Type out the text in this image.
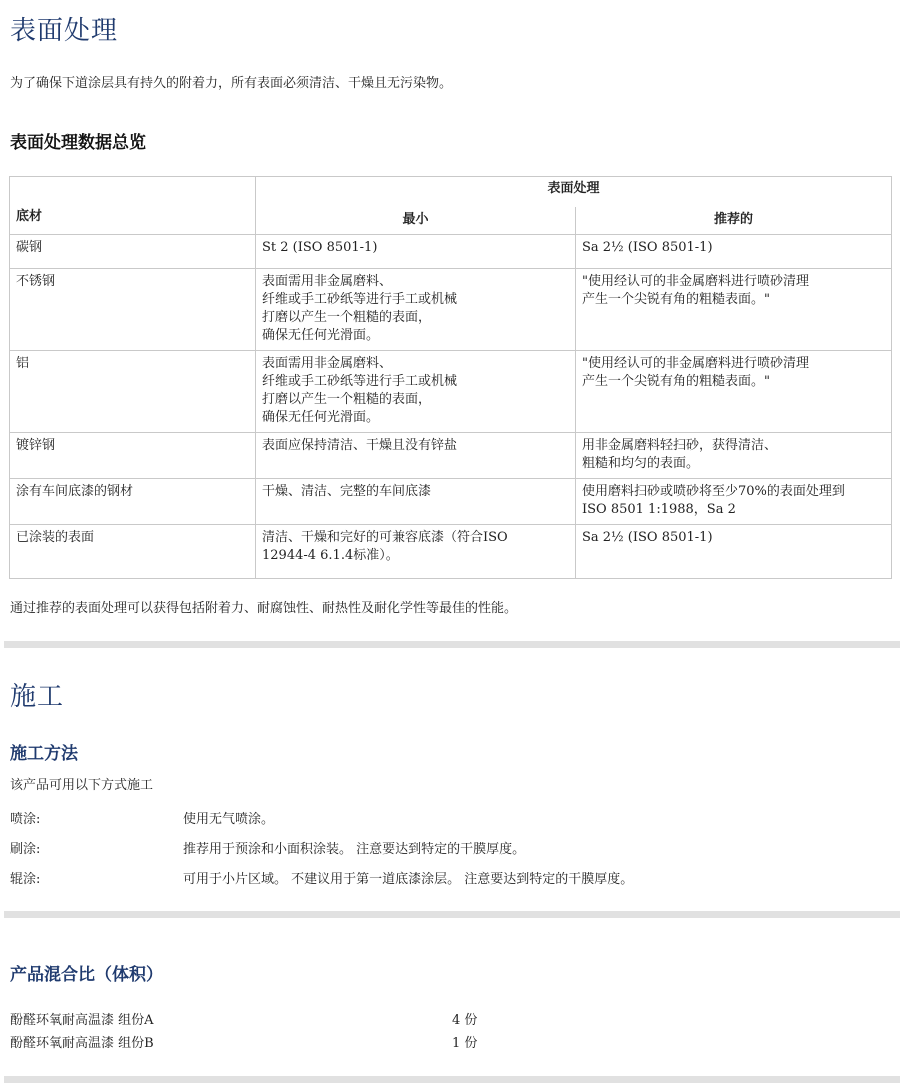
表面处理

为了确保下道涂层具有持久的附着力，所有表面必须清洁、干燥且无污染物。

表面处理数据总览
底材	表面处理	
	最小	推荐的
碳钢	St 2 (ISO 8501-1)	Sa 2½ (ISO 8501-1)

不锈钢	表面需用非金属磨料、
纤维或手工砂纸等进行手工或机械
打磨以产生一个粗糙的表面，
确保无任何光滑面。	"使用经认可的非金属磨料进行喷砂清理
产生一个尖锐有角的粗糙表面。"

铝	表面需用非金属磨料、
纤维或手工砂纸等进行手工或机械
打磨以产生一个粗糙的表面，
确保无任何光滑面。	"使用经认可的非金属磨料进行喷砂清理
产生一个尖锐有角的粗糙表面。"

镀锌钢	表面应保持清洁、干燥且没有锌盐	用非金属磨料轻扫砂，获得清洁、
粗糙和均匀的表面。

涂有车间底漆的钢材	干燥、清洁、完整的车间底漆	使用磨料扫砂或喷砂将至少70%的表面处理到
ISO 8501 1:1988，Sa 2

已涂装的表面	清洁、干燥和完好的可兼容底漆（符合ISO
12944-4 6.1.4标准）。	Sa 2½ (ISO 8501-1)

通过推荐的表面处理可以获得包括附着力、耐腐蚀性、耐热性及耐化学性等最佳的性能。

施工
施工方法

该产品可用以下方式施工

喷涂:	使用无气喷涂。
刷涂:	推荐用于预涂和小面积涂装。 注意要达到特定的干膜厚度。
辊涂:	可用于小片区域。 不建议用于第一道底漆涂层。 注意要达到特定的干膜厚度。
产品混合比（体积）
酚醛环氧耐高温漆 组份A	4 份
酚醛环氧耐高温漆 组份B	1 份
